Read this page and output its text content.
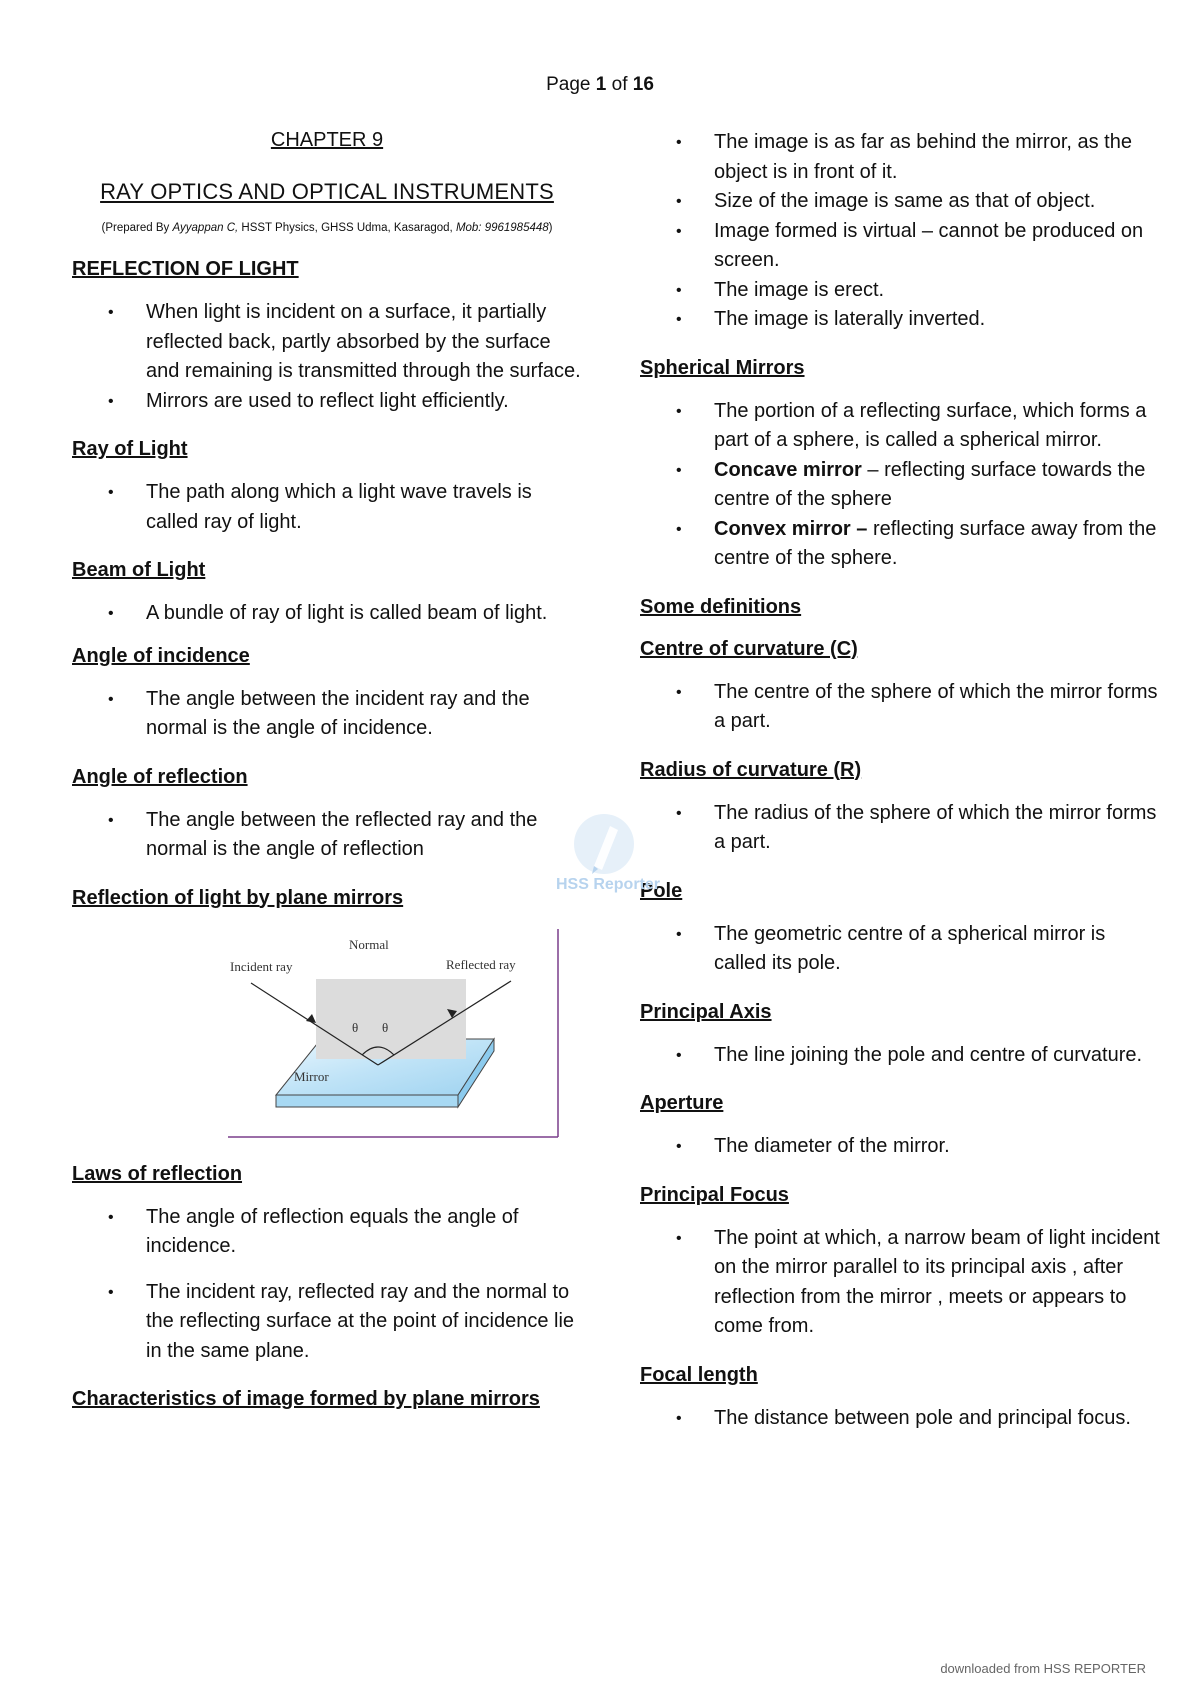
Page 1 of 16
CHAPTER 9
RAY OPTICS AND OPTICAL INSTRUMENTS
(Prepared By Ayyappan C, HSST Physics, GHSS Udma, Kasaragod, Mob: 9961985448)
REFLECTION OF LIGHT
• When light is incident on a surface, it partially reflected back, partly absorbed by the surface and remaining is transmitted through the surface.
• Mirrors are used to reflect light efficiently.
Ray of Light
• The path along which a light wave travels is called ray of light.
Beam of Light
• A bundle of ray of light is called beam of light.
Angle of incidence
• The angle between the incident ray and the normal is the angle of incidence.
Angle of reflection
• The angle between the reflected ray and the normal is the angle of reflection
Reflection of light by plane mirrors
Normal
Incident ray	Reflected ray
θ θ
Mirror
Laws of reflection
• The angle of reflection equals the angle of incidence.
• The incident ray, reflected ray and the normal to the reflecting surface at the point of incidence lie in the same plane.
Characteristics of image formed by plane mirrors
• The image is as far as behind the mirror, as the object is in front of it.
• Size of the image is same as that of object.
• Image formed is virtual – cannot be produced on screen.
• The image is erect.
• The image is laterally inverted.
Spherical Mirrors
• The portion of a reflecting surface, which forms a part of a sphere, is called a spherical mirror.
• Concave mirror – reflecting surface towards the centre of the sphere
• Convex mirror – reflecting surface away from the centre of the sphere.
Some definitions
Centre of curvature (C)
• The centre of the sphere of which the mirror forms a part.
Radius of curvature (R)
• The radius of the sphere of which the mirror forms a part.
Pole
• The geometric centre of a spherical mirror is called its pole.
Principal Axis
• The line joining the pole and centre of curvature.
Aperture
• The diameter of the mirror.
Principal Focus
• The point at which, a narrow beam of light incident on the mirror parallel to its principal axis , after reflection from the mirror , meets or appears to come from.
Focal length
• The distance between pole and principal focus.
HSS Reporter
downloaded from HSS REPORTER
